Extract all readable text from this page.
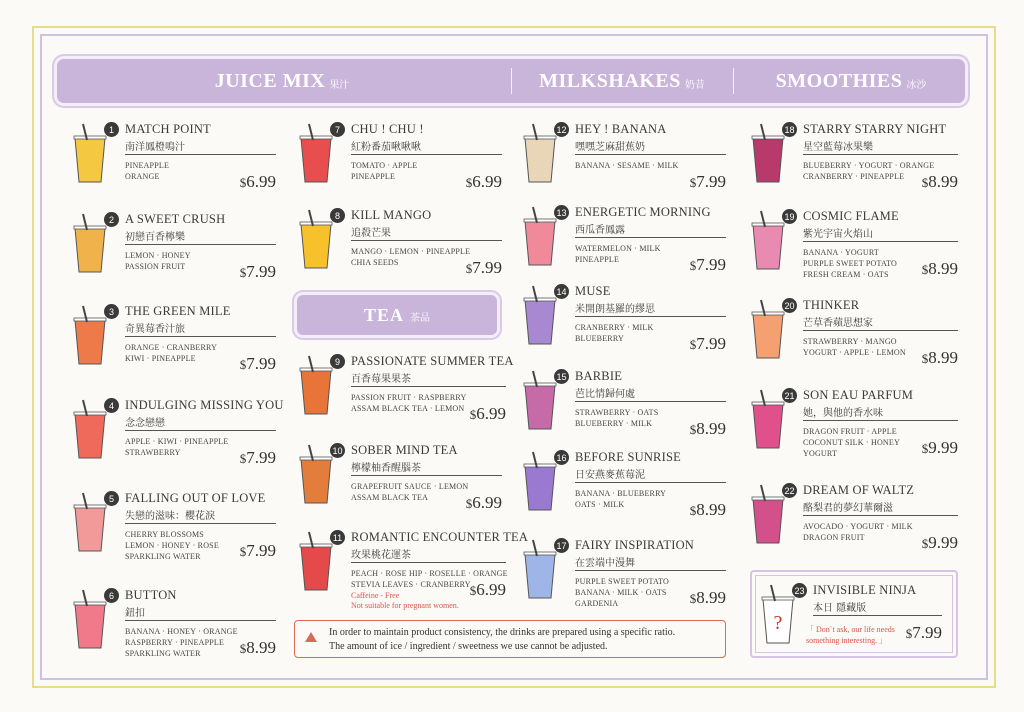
JUICE MIX 果汁	MILKSHAKES 奶昔	SMOOTHIES 冰沙
TEA 茶品
1 MATCH POINT
南洋鳳橙鳴汁
PINEAPPLE
ORANGE	$6.99
2 A SWEET CRUSH
初戀百香檸樂
LEMON · HONEY
PASSION FRUIT	$7.99
3 THE GREEN MILE
奇異莓香汁旅
ORANGE · CRANBERRY
KIWI · PINEAPPLE	$7.99
4 INDULGING MISSING YOU
念念戀戀
APPLE · KIWI · PINEAPPLE
STRAWBERRY	$7.99
5 FALLING OUT OF LOVE
失戀的滋味：櫻花淚
CHERRY BLOSSOMS
LEMON · HONEY · ROSE
SPARKLING WATER	$7.99
6 BUTTON
鈕扣
BANANA · HONEY · ORANGE
RASPBERRY · PINEAPPLE
SPARKLING WATER	$8.99
7 CHU ! CHU !
紅粉番茄啾啾啾
TOMATO · APPLE
PINEAPPLE	$6.99
8 KILL MANGO
追殺芒果
MANGO · LEMON · PINEAPPLE
CHIA SEEDS	$7.99
9 PASSIONATE SUMMER TEA
百香莓果果茶
PASSION FRUIT · RASPBERRY
ASSAM BLACK TEA · LEMON $6.99
10 SOBER MIND TEA
檸檬柚香醒腦茶
GRAPEFRUIT SAUCE · LEMON
ASSAM BLACK TEA	$6.99
11 ROMANTIC ENCOUNTER TEA
玫果桃花運茶
PEACH · ROSE HIP · ROSELLE · ORANGE
STEVIA LEAVES · CRANBERRY
Caffeine - Free
Not suitable for pregnant women.
$6.99
12 HEY ! BANANA
嘿嘿芝麻甜蕉奶
BANANA · SESAME · MILK
$7.99
13 ENERGETIC MORNING
西瓜香鳳露
WATERMELON · MILK
PINEAPPLE	$7.99
14 MUSE
米開朗基羅的繆思
CRANBERRY · MILK
BLUEBERRY	$7.99
15 BARBIE
芭比情歸何處
STRAWBERRY · OATS
BLUEBERRY · MILK	$8.99
16 BEFORE SUNRISE
日安燕麥蕉莓泥
BANANA · BLUEBERRY
OATS · MILK	$8.99
17 FAIRY INSPIRATION
在雲端中漫舞
PURPLE SWEET POTATO
BANANA · MILK · OATS
GARDENIA	$8.99
18 STARRY STARRY NIGHT
星空藍莓冰果樂
BLUEBERRY · YOGURT · ORANGE
CRANBERRY · PINEAPPLE $8.99
19 COSMIC FLAME
紫光宇宙火焰山
BANANA · YOGURT
PURPLE SWEET POTATO
FRESH CREAM · OATS	$8.99
20 THINKER
芒草香蘋思想家
STRAWBERRY · MANGO
YOGURT · APPLE · LEMON $8.99
21 SON EAU PARFUM
她，與他的香水味
DRAGON FRUIT · APPLE
COCONUT SILK · HONEY
YOGURT	$9.99
22 DREAM OF WALTZ
酪梨君的夢幻華爾滋
AVOCADO · YOGURT · MILK
DRAGON FRUIT	$9.99
?
23 INVISIBLE NINJA
本日 隱藏版
「 Don`t ask, our life needs
something interesting. 」 $7.99
In order to maintain product consistency, the drinks are prepared using a specific ratio.
The amount of ice / ingredient / sweetness we use cannot be adjusted.
